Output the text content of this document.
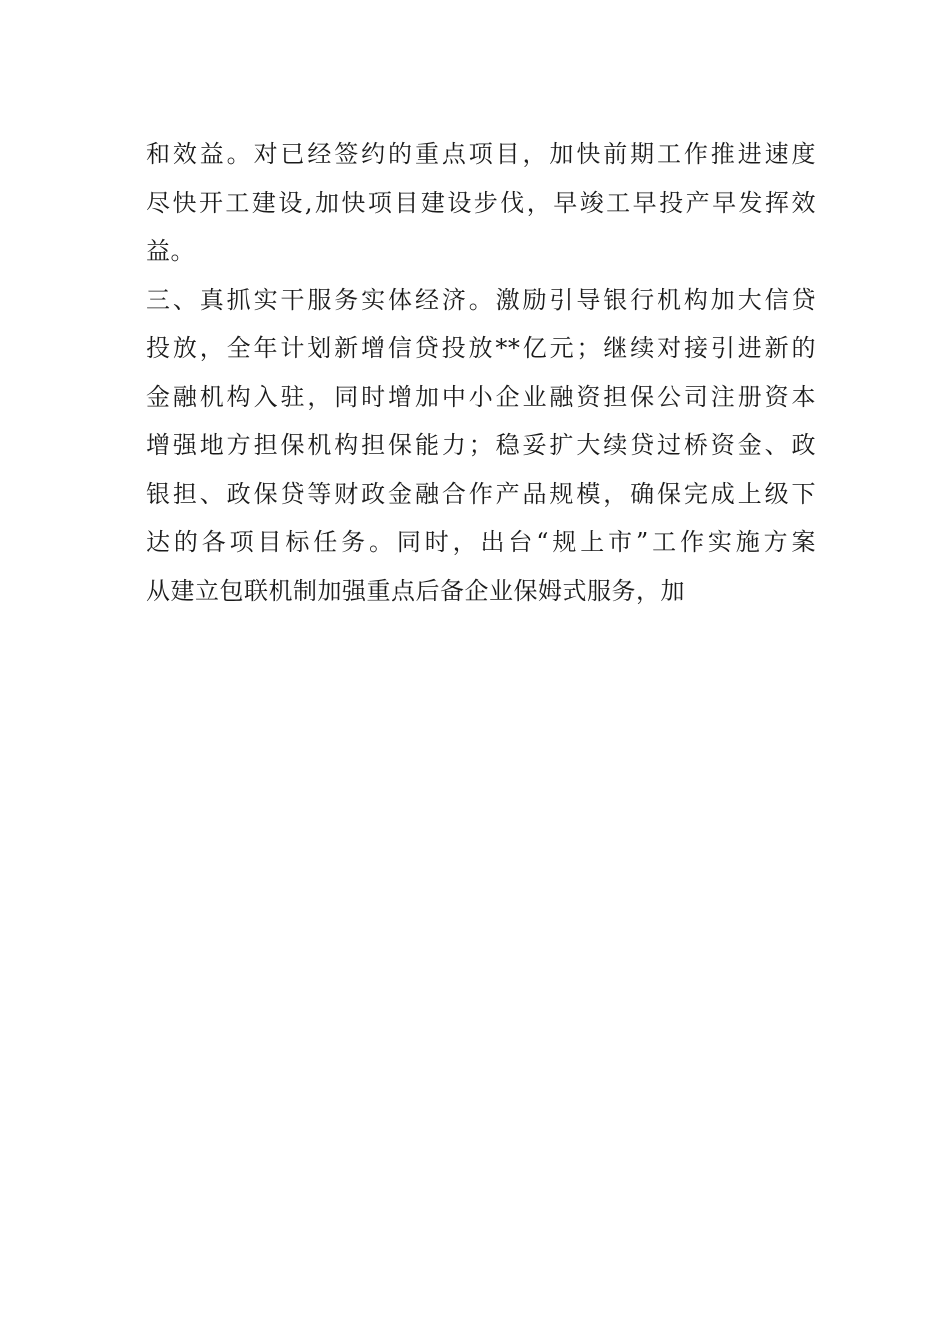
和效益。对已经签约的重点项目，加快前期工作推进速度
尽快开工建设,加快项目建设步伐，早竣工早投产早发挥效
益。
三、真抓实干服务实体经济。激励引导银行机构加大信贷
投放，全年计划新增信贷投放**亿元；继续对接引进新的
金融机构入驻，同时增加中小企业融资担保公司注册资本
增强地方担保机构担保能力；稳妥扩大续贷过桥资金、政
银担、政保贷等财政金融合作产品规模，确保完成上级下
达的各项目标任务。同时，出台“规上市”工作实施方案
从建立包联机制加强重点后备企业保姆式服务，加
